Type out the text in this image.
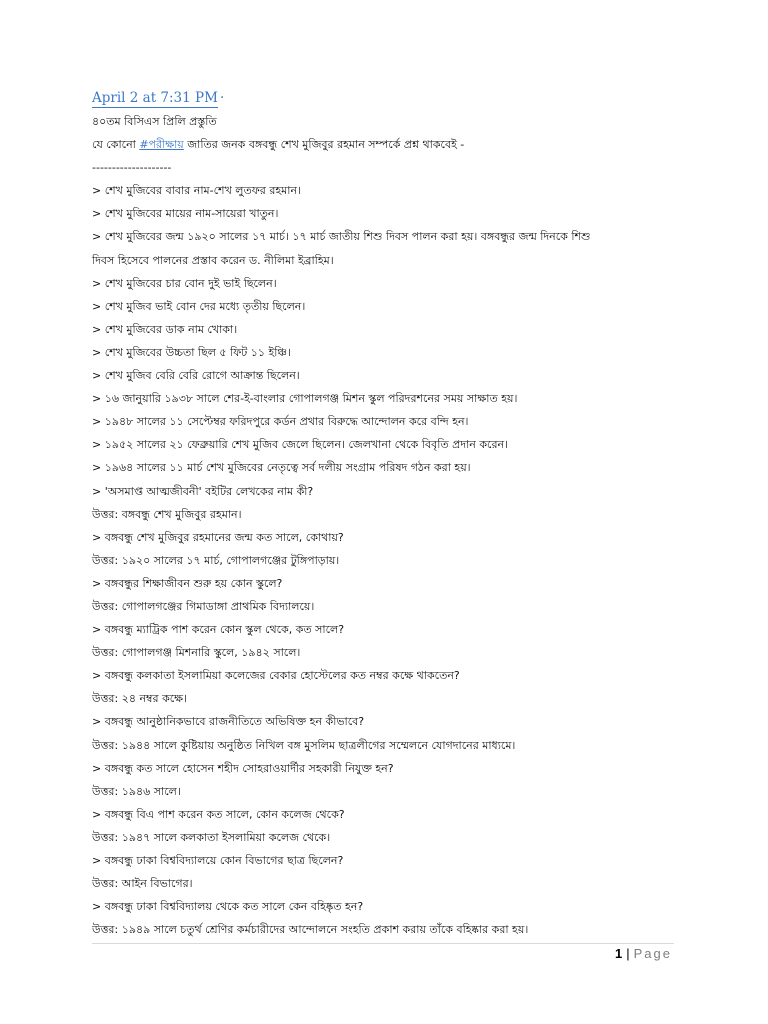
April 2 at 7:31 PM ·
৪০তম বিসিএস প্রিলি প্রস্তুতি
যে কোনো #পরীক্ষায় জাতির জনক বঙ্গবন্ধু শেখ মুজিবুর রহমান সম্পর্কে প্রশ্ন থাকবেই -
--------------------
> শেখ মুজিবের বাবার নাম-শেখ লুতফর রহমান।
> শেখ মুজিবের মায়ের নাম-সায়েরা খাতুন।
> শেখ মুজিবের জন্ম ১৯২০ সালের ১৭ মার্চ। ১৭ মার্চ জাতীয় শিশু দিবস পালন করা হয়। বঙ্গবন্ধুর জন্ম দিনকে শিশু
দিবস হিসেবে পালনের প্রস্তাব করেন ড. নীলিমা ইব্রাহিম।
> শেখ মুজিবের চার বোন দুই ভাই ছিলেন।
> শেখ মুজিব ভাই বোন দের মধ্যে তৃতীয় ছিলেন।
> শেখ মুজিবের ডাক নাম খোকা।
> শেখ মুজিবের উচ্চতা ছিল ৫ ফিট ১১ ইঞ্চি।
> শেখ মুজিব বেরি বেরি রোগে আক্রান্ত ছিলেন।
> ১৬ জানুয়ারি ১৯৩৮ সালে শের-ই-বাংলার গোপালগঞ্জ মিশন স্কুল পরিদরশনের সময় সাক্ষাত হয়।
> ১৯৪৮ সালের ১১ সেপ্টেম্বর ফরিদপুরে কর্ডন প্রথার বিরুদ্ধে আন্দোলন করে বন্দি হন।
> ১৯৫২ সালের ২১ ফেব্রুয়ারি শেখ মুজিব জেলে ছিলেন। জেলখানা থেকে বিবৃতি প্রদান করেন।
> ১৯৬৪ সালের ১১ মার্চ শেখ মুজিবের নেতৃত্বে সর্ব দলীয় সংগ্রাম পরিষদ গঠন করা হয়।
> 'অসমাপ্ত আত্মজীবনী' বইটির লেখকের নাম কী?
উত্তর: বঙ্গবন্ধু শেখ মুজিবুর রহমান।
> বঙ্গবন্ধু শেখ মুজিবুর রহমানের জন্ম কত সালে, কোথায়?
উত্তর: ১৯২০ সালের ১৭ মার্চ, গোপালগঞ্জের টুঙ্গিপাড়ায়।
> বঙ্গবন্ধুর শিক্ষাজীবন শুরু হয় কোন স্কুলে?
উত্তর: গোপালগঞ্জের গিমাডাঙ্গা প্রাথমিক বিদ্যালয়ে।
> বঙ্গবন্ধু ম্যাট্রিক পাশ করেন কোন স্কুল থেকে, কত সালে?
উত্তর: গোপালগঞ্জ মিশনারি স্কুলে, ১৯৪২ সালে।
> বঙ্গবন্ধু কলকাতা ইসলামিয়া কলেজের বেকার হোস্টেলের কত নম্বর কক্ষে থাকতেন?
উত্তর: ২৪ নম্বর কক্ষে।
> বঙ্গবন্ধু আনুষ্ঠানিকভাবে রাজনীতিতে অভিষিক্ত হন কীভাবে?
উত্তর: ১৯৪৪ সালে কুষ্টিয়ায় অনুষ্ঠিত নিখিল বঙ্গ মুসলিম ছাত্রলীগের সম্মেলনে যোগদানের মাধ্যমে।
> বঙ্গবন্ধু কত সালে হোসেন শহীদ সোহরাওয়ার্দীর সহকারী নিযুক্ত হন?
উত্তর: ১৯৪৬ সালে।
> বঙ্গবন্ধু বিএ পাশ করেন কত সালে, কোন কলেজ থেকে?
উত্তর: ১৯৪৭ সালে কলকাতা ইসলামিয়া কলেজ থেকে।
> বঙ্গবন্ধু ঢাকা বিশ্ববিদ্যালয়ে কোন বিভাগের ছাত্র ছিলেন?
উত্তর: আইন বিভাগের।
> বঙ্গবন্ধু ঢাকা বিশ্ববিদ্যালয় থেকে কত সালে কেন বহিষ্কৃত হন?
উত্তর: ১৯৪৯ সালে চতুর্থ শ্রেণির কর্মচারীদের আন্দোলনে সংহতি প্রকাশ করায় তাঁকে বহিষ্কার করা হয়।
1 | Page
